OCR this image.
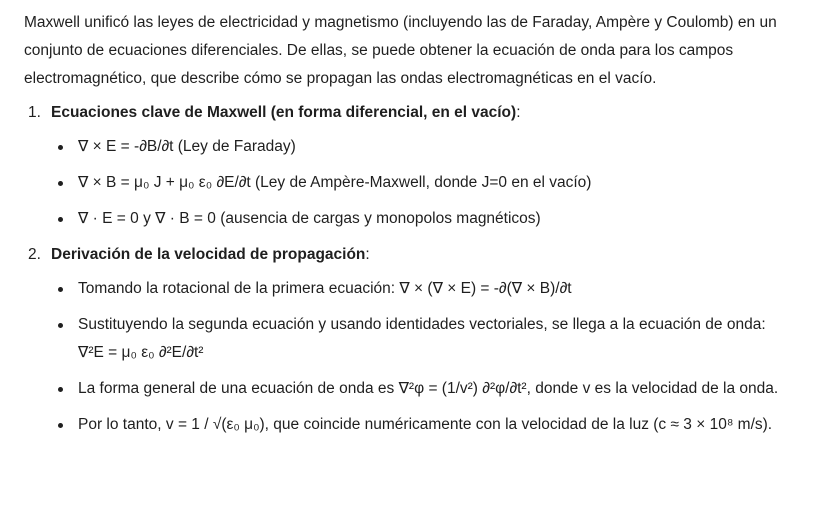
Maxwell unificó las leyes de electricidad y magnetismo (incluyendo las de Faraday, Ampère y Coulomb) en un conjunto de ecuaciones diferenciales. De ellas, se puede obtener la ecuación de onda para los campos electromagnético, que describe cómo se propagan las ondas electromagnéticas en el vacío.

1. Ecuaciones clave de Maxwell (en forma diferencial, en el vacío):
∇ × E = -∂B/∂t (Ley de Faraday)
∇ × B = μ₀ J + μ₀ ε₀ ∂E/∂t (Ley de Ampère-Maxwell, donde J=0 en el vacío)
∇ · E = 0 y ∇ · B = 0 (ausencia de cargas y monopolos magnéticos)
2. Derivación de la velocidad de propagación:
Tomando la rotacional de la primera ecuación: ∇ × (∇ × E) = -∂(∇ × B)/∂t
Sustituyendo la segunda ecuación y usando identidades vectoriales, se llega a la ecuación de onda: ∇²E = μ₀ ε₀ ∂²E/∂t²
La forma general de una ecuación de onda es ∇²φ = (1/v²) ∂²φ/∂t², donde v es la velocidad de la onda.
Por lo tanto, v = 1 / √(ε₀ μ₀), que coincide numéricamente con la velocidad de la luz (c ≈ 3 × 10⁸ m/s).
